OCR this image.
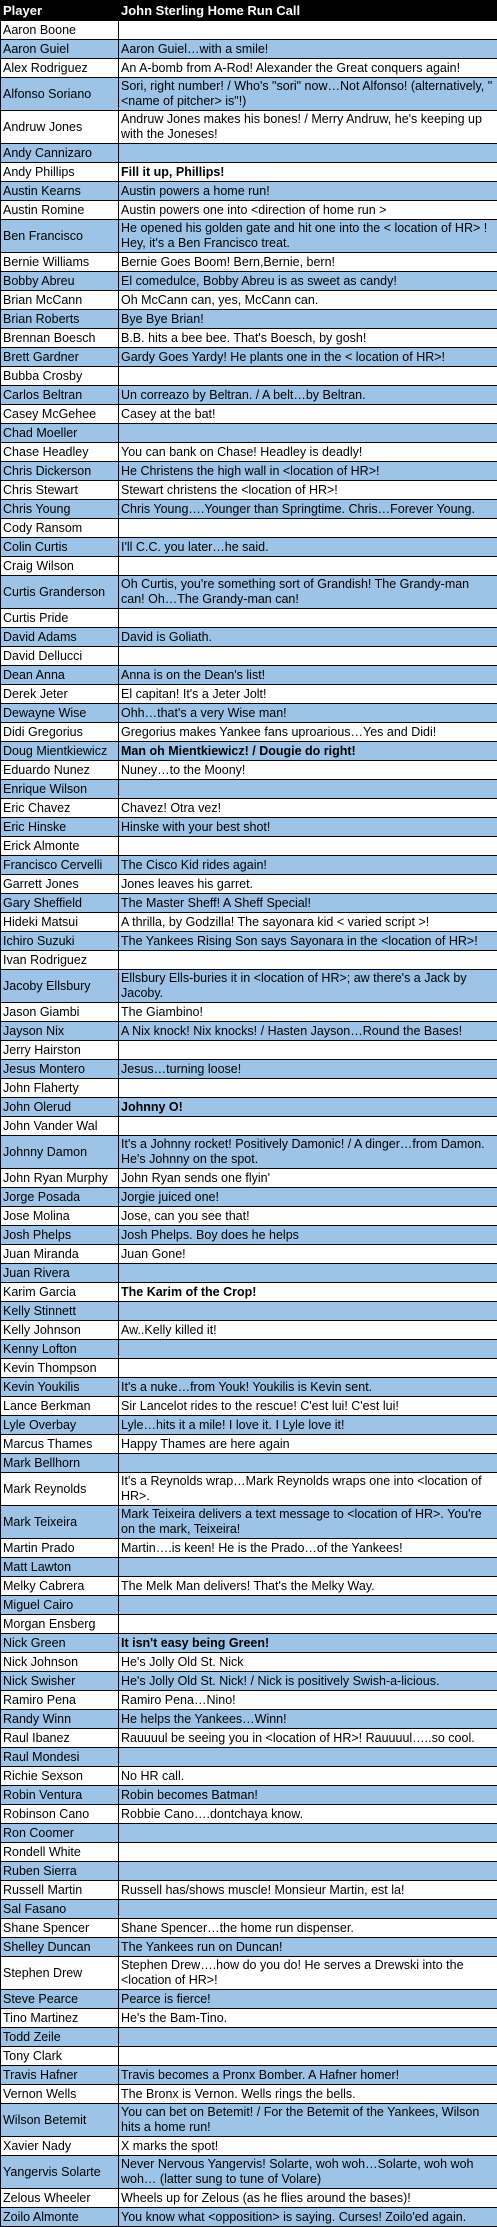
Player	John Sterling Home Run Call
Aaron Boone	
Aaron Guiel	Aaron Guiel…with a smile!
Alex Rodriguez	An A-bomb from A-Rod! Alexander the Great conquers again!
Alfonso Soriano	Sori, right number! / Who's "sori" now…Not Alfonso! (alternatively, "<name of pitcher> is"!)
Andruw Jones	Andruw Jones makes his bones! / Merry Andruw, he's keeping up with the Joneses!
Andy Cannizaro	
Andy Phillips	Fill it up, Phillips!
Austin Kearns	Austin powers a home run!
Austin Romine	Austin powers one into <direction of home run >
Ben Francisco	He opened his golden gate and hit one into the < location of HR> ! Hey, it's a Ben Francisco treat.
Bernie Williams	Bernie Goes Boom! Bern,Bernie, bern!
Bobby Abreu	El comedulce, Bobby Abreu is as sweet as candy!
Brian McCann	Oh McCann can, yes, McCann can.
Brian Roberts	Bye Bye Brian!
Brennan Boesch	B.B. hits a bee bee. That's Boesch, by gosh!
Brett Gardner	Gardy Goes Yardy! He plants one in the < location of HR>!
Bubba Crosby	
Carlos Beltran	Un correazo by Beltran. / A belt…by Beltran.
Casey McGehee	Casey at the bat!
Chad Moeller	
Chase Headley	You can bank on Chase! Headley is deadly!
Chris Dickerson	He Christens the high wall in <location of HR>!
Chris Stewart	Stewart christens the <location of HR>!
Chris Young	Chris Young….Younger than Springtime. Chris…Forever Young.
Cody Ransom	
Colin Curtis	I'll C.C. you later…he said.
Craig Wilson	
Curtis Granderson	Oh Curtis, you're something sort of Grandish! The Grandy-man can! Oh…The Grandy-man can!
Curtis Pride	
David Adams	David is Goliath.
David Dellucci	
Dean Anna	Anna is on the Dean's list!
Derek Jeter	El capitan! It's a Jeter Jolt!
Dewayne Wise	Ohh…that's a very Wise man!
Didi Gregorius	Gregorius makes Yankee fans uproarious…Yes and Didi!
Doug Mientkiewicz	Man oh Mientkiewicz! / Dougie do right!
Eduardo Nunez	Nuney…to the Moony!
Enrique Wilson	
Eric Chavez	Chavez! Otra vez!
Eric Hinske	Hinske with your best shot!
Erick Almonte	
Francisco Cervelli	The Cisco Kid rides again!
Garrett Jones	Jones leaves his garret.
Gary Sheffield	The Master Sheff! A Sheff Special!
Hideki Matsui	A thrilla, by Godzilla! The sayonara kid < varied script >!
Ichiro Suzuki	The Yankees Rising Son says Sayonara in the <location of HR>!
Ivan Rodriguez	
Jacoby Ellsbury	Ellsbury Ells-buries it in <location of HR>; aw there's a Jack by Jacoby.
Jason Giambi	The Giambino!
Jayson Nix	A Nix knock! Nix knocks! / Hasten Jayson…Round the Bases!
Jerry Hairston	
Jesus Montero	Jesus…turning loose!
John Flaherty	
John Olerud	Johnny O!
John Vander Wal	
Johnny Damon	It's a Johnny rocket! Positively Damonic! / A dinger…from Damon. He's Johnny on the spot.
John Ryan Murphy	John Ryan sends one flyin'
Jorge Posada	Jorgie juiced one!
Jose Molina	Jose, can you see that!
Josh Phelps	Josh Phelps. Boy does he helps
Juan Miranda	Juan Gone!
Juan Rivera	
Karim Garcia	The Karim of the Crop!
Kelly Stinnett	
Kelly Johnson	Aw..Kelly killed it!
Kenny Lofton	
Kevin Thompson	
Kevin Youkilis	It's a nuke…from Youk! Youkilis is Kevin sent.
Lance Berkman	Sir Lancelot rides to the rescue! C'est lui! C'est lui!
Lyle Overbay	Lyle…hits it a mile! I love it. I Lyle love it!
Marcus Thames	Happy Thames are here again
Mark Bellhorn	
Mark Reynolds	It's a Reynolds wrap…Mark Reynolds wraps one into <location of HR>.
Mark Teixeira	Mark Teixeira delivers a text message to <location of HR>. You're on the mark, Teixeira!
Martin Prado	Martin….is keen! He is the Prado…of the Yankees!
Matt Lawton	
Melky Cabrera	The Melk Man delivers! That's the Melky Way.
Miguel Cairo	
Morgan Ensberg	
Nick Green	It isn't easy being Green!
Nick Johnson	He's Jolly Old St. Nick
Nick Swisher	He's Jolly Old St. Nick! / Nick is positively Swish-a-licious.
Ramiro Pena	Ramiro Pena…Nino!
Randy Winn	He helps the Yankees…Winn!
Raul Ibanez	Rauuuul be seeing you in <location of HR>! Rauuuul…..so cool.
Raul Mondesi	
Richie Sexson	No HR call.
Robin Ventura	Robin becomes Batman!
Robinson Cano	Robbie Cano….dontchaya know.
Ron Coomer	
Rondell White	
Ruben Sierra	
Russell Martin	Russell has/shows muscle! Monsieur Martin, est la!
Sal Fasano	
Shane Spencer	Shane Spencer…the home run dispenser.
Shelley Duncan	The Yankees run on Duncan!
Stephen Drew	Stephen Drew….how do you do! He serves a Drewski into the <location of HR>!
Steve Pearce	Pearce is fierce!
Tino Martinez	He's the Bam-Tino.
Todd Zeile	
Tony Clark	
Travis Hafner	Travis becomes a Pronx Bomber. A Hafner homer!
Vernon Wells	The Bronx is Vernon. Wells rings the bells.
Wilson Betemit	You can bet on Betemit! / For the Betemit of the Yankees, Wilson hits a home run!
Xavier Nady	X marks the spot!
Yangervis Solarte	Never Nervous Yangervis! Solarte, woh woh…Solarte, woh woh woh… (latter sung to tune of Volare)
Zelous Wheeler	Wheels up for Zelous (as he flies around the bases)!
Zoilo Almonte	You know what <opposition> is saying. Curses! Zoilo'ed again.
